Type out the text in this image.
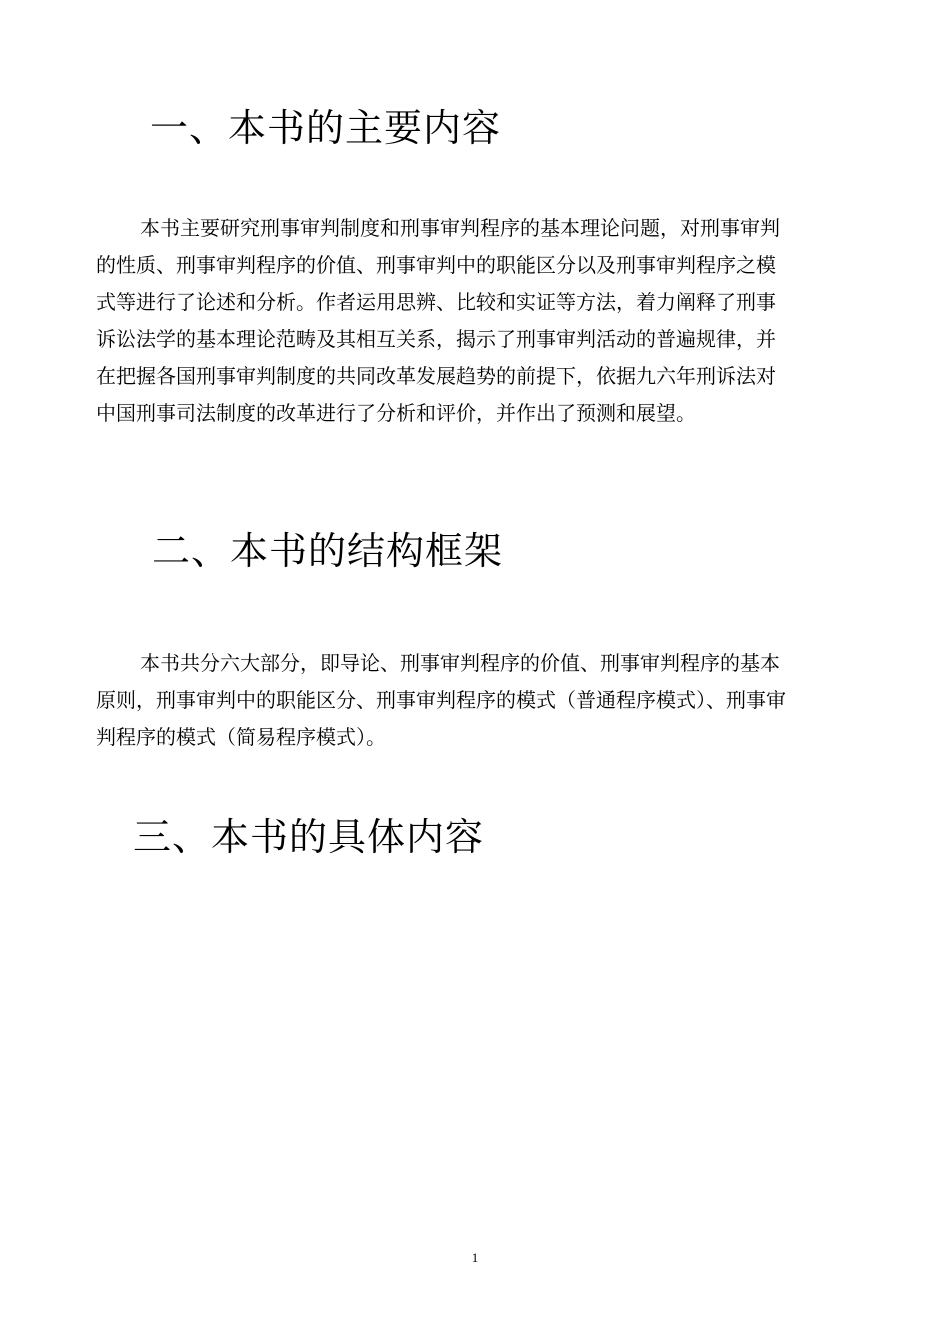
一、本书的主要内容

本书主要研究刑事审判制度和刑事审判程序的基本理论问题，对刑事审判
的性质、刑事审判程序的价值、刑事审判中的职能区分以及刑事审判程序之模
式等进行了论述和分析。作者运用思辨、比较和实证等方法，着力阐释了刑事
诉讼法学的基本理论范畴及其相互关系，揭示了刑事审判活动的普遍规律，并
在把握各国刑事审判制度的共同改革发展趋势的前提下，依据九六年刑诉法对
中国刑事司法制度的改革进行了分析和评价，并作出了预测和展望。

二、本书的结构框架

本书共分六大部分，即导论、刑事审判程序的价值、刑事审判程序的基本
原则，刑事审判中的职能区分、刑事审判程序的模式（普通程序模式）、刑事审
判程序的模式（简易程序模式）。

三、本书的具体内容
1
